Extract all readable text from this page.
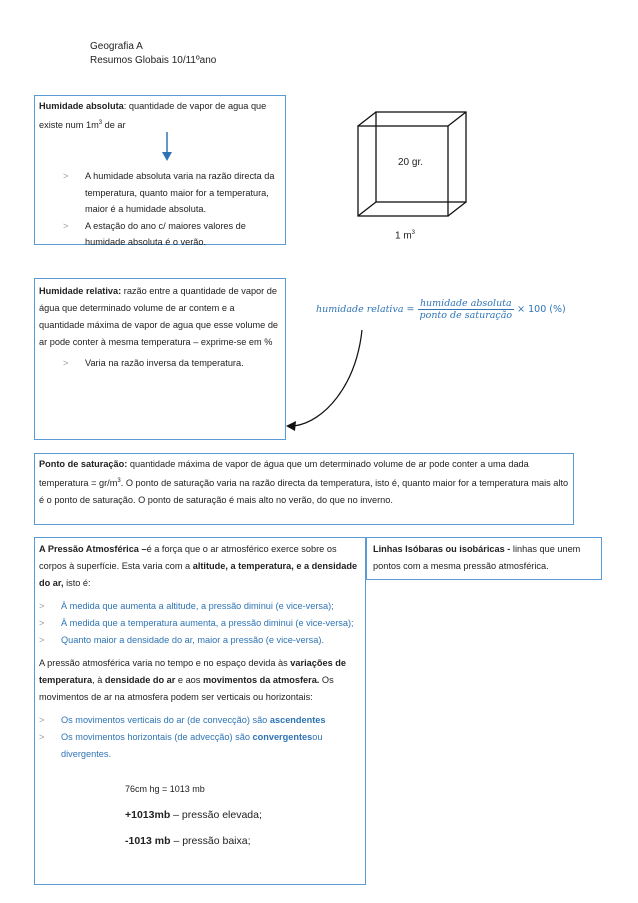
Geografia A
Resumos Globais 10/11ºano

Humidade absoluta: quantidade de vapor de agua que existe num $1m^3$ de ar

> A humidade absoluta varia na razão directa da temperatura, quanto maior for a temperatura, maior é a humidade absoluta.
> A estação do ano c/ maiores valores de humidade absoluta é o verão.
20 gr.
1 $m^3$

Humidade relativa: razão entre a quantidade de vapor de água que determinado volume de ar contem e a quantidade máxima de vapor de agua que esse volume de ar pode conter à mesma temperatura – exprime-se em %

> Varia na razão inversa da temperatura.
humidade relativa = $\frac{\text{humidade absoluta}}{\text{ponto de saturação}} \times 100$ (%)

Ponto de saturação: quantidade máxima de vapor de água que um determinado volume de ar pode conter a uma dada temperatura = $gr/m^3$. O ponto de saturação varia na razão directa da temperatura, isto é, quanto maior for a temperatura mais alto é o ponto de saturação. O ponto de saturação é mais alto no verão, do que no inverno.

A Pressão Atmosférica –é a força que o ar atmosférico exerce sobre os corpos à superfície. Esta varia com a altitude, a temperatura, e a densidade do ar, isto é:

> À medida que aumenta a altitude, a pressão diminui (e vice-versa);
> À medida que a temperatura aumenta, a pressão diminui (e vice-versa);
> Quanto maior a densidade do ar, maior a pressão (e vice-versa).

A pressão atmosférica varia no tempo e no espaço devida às variações de temperatura, à densidade do ar e aos movimentos da atmosfera. Os movimentos de ar na atmosfera podem ser verticais ou horizontais:

> Os movimentos verticais do ar (de convecção) são ascendentes
> Os movimentos horizontais (de advecção) são convergentesou divergentes.
76cm hg = 1013 mb
+1013mb – pressão elevada;
-1013 mb – pressão baixa;

Linhas Isóbaras ou isobáricas - linhas que unem pontos com a mesma pressão atmosférica.
